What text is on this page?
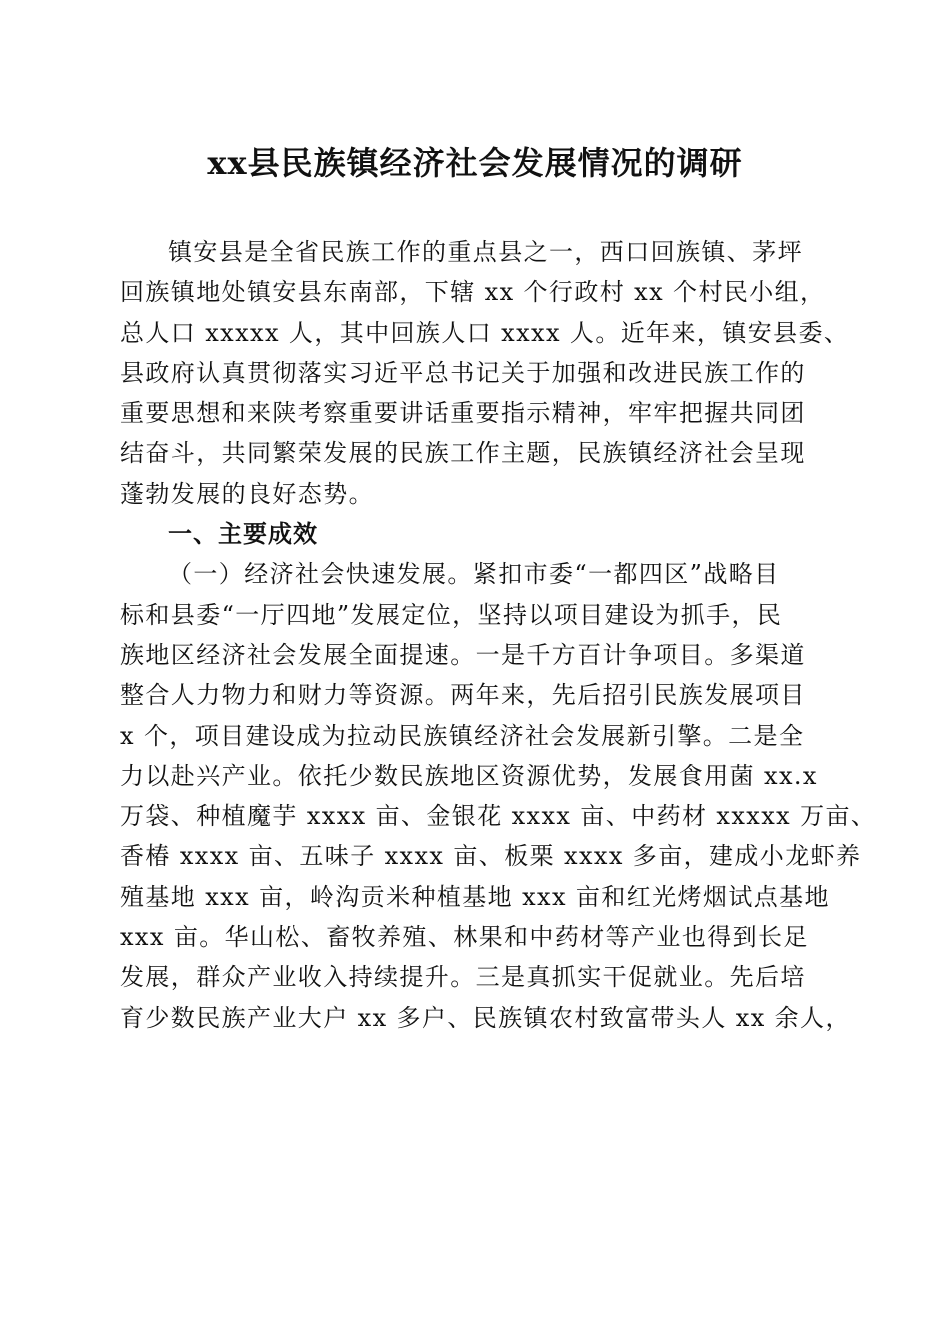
xx县民族镇经济社会发展情况的调研
镇安县是全省民族工作的重点县之一，西口回族镇、茅坪
回族镇地处镇安县东南部，下辖 xx 个行政村 xx 个村民小组，
总人口 xxxxx 人，其中回族人口 xxxx 人。近年来，镇安县委、
县政府认真贯彻落实习近平总书记关于加强和改进民族工作的
重要思想和来陕考察重要讲话重要指示精神，牢牢把握共同团
结奋斗，共同繁荣发展的民族工作主题，民族镇经济社会呈现
蓬勃发展的良好态势。
一、主要成效
（一）经济社会快速发展。紧扣市委“一都四区”战略目
标和县委“一厅四地”发展定位，坚持以项目建设为抓手，民
族地区经济社会发展全面提速。一是千方百计争项目。多渠道
整合人力物力和财力等资源。两年来，先后招引民族发展项目
x 个，项目建设成为拉动民族镇经济社会发展新引擎。二是全
力以赴兴产业。依托少数民族地区资源优势，发展食用菌 xx.x
万袋、种植魔芋 xxxx 亩、金银花 xxxx 亩、中药材 xxxxx 万亩、
香椿 xxxx 亩、五味子 xxxx 亩、板栗 xxxx 多亩，建成小龙虾养
殖基地 xxx 亩，岭沟贡米种植基地 xxx 亩和红光烤烟试点基地
xxx 亩。华山松、畜牧养殖、林果和中药材等产业也得到长足
发展，群众产业收入持续提升。三是真抓实干促就业。先后培
育少数民族产业大户 xx 多户、民族镇农村致富带头人 xx 余人，
